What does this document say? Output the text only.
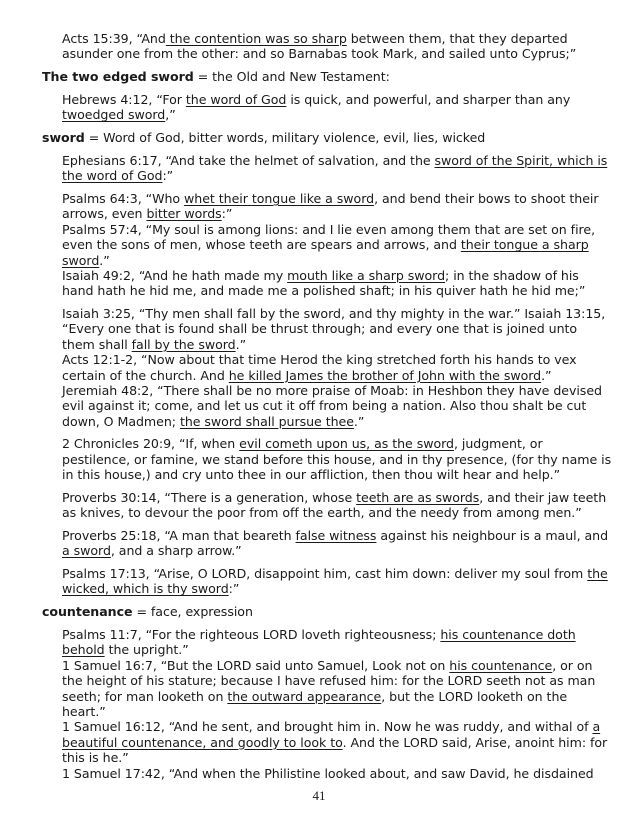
Acts 15:39, “And the contention was so sharp between them, that they departed asunder one from the other: and so Barnabas took Mark, and sailed unto Cyprus;”
The two edged sword = the Old and New Testament:
Hebrews 4:12, “For the word of God is quick, and powerful, and sharper than any twoedged sword,”
sword = Word of God, bitter words, military violence, evil, lies, wicked
Ephesians 6:17, “And take the helmet of salvation, and the sword of the Spirit, which is the word of God:”
Psalms 64:3, “Who whet their tongue like a sword, and bend their bows to shoot their arrows, even bitter words:”
Psalms 57:4, “My soul is among lions: and I lie even among them that are set on fire, even the sons of men, whose teeth are spears and arrows, and their tongue a sharp sword.”
Isaiah 49:2, “And he hath made my mouth like a sharp sword; in the shadow of his hand hath he hid me, and made me a polished shaft; in his quiver hath he hid me;”
Isaiah 3:25, “Thy men shall fall by the sword, and thy mighty in the war.” Isaiah 13:15, “Every one that is found shall be thrust through; and every one that is joined unto them shall fall by the sword.”
Acts 12:1-2, “Now about that time Herod the king stretched forth his hands to vex certain of the church. And he killed James the brother of John with the sword.”
Jeremiah 48:2, “There shall be no more praise of Moab: in Heshbon they have devised evil against it; come, and let us cut it off from being a nation. Also thou shalt be cut down, O Madmen; the sword shall pursue thee.”
2 Chronicles 20:9, “If, when evil cometh upon us, as the sword, judgment, or pestilence, or famine, we stand before this house, and in thy presence, (for thy name is in this house,) and cry unto thee in our affliction, then thou wilt hear and help.”
Proverbs 30:14, “There is a generation, whose teeth are as swords, and their jaw teeth as knives, to devour the poor from off the earth, and the needy from among men.”
Proverbs 25:18, “A man that beareth false witness against his neighbour is a maul, and a sword, and a sharp arrow.”
Psalms 17:13, “Arise, O LORD, disappoint him, cast him down: deliver my soul from the wicked, which is thy sword:”
countenance = face, expression
Psalms 11:7, “For the righteous LORD loveth righteousness; his countenance doth behold the upright.”
1 Samuel 16:7, “But the LORD said unto Samuel, Look not on his countenance, or on the height of his stature; because I have refused him: for the LORD seeth not as man seeth; for man looketh on the outward appearance, but the LORD looketh on the heart.”
1 Samuel 16:12, “And he sent, and brought him in. Now he was ruddy, and withal of a beautiful countenance, and goodly to look to. And the LORD said, Arise, anoint him: for this is he.”
1 Samuel 17:42, “And when the Philistine looked about, and saw David, he disdained
41
